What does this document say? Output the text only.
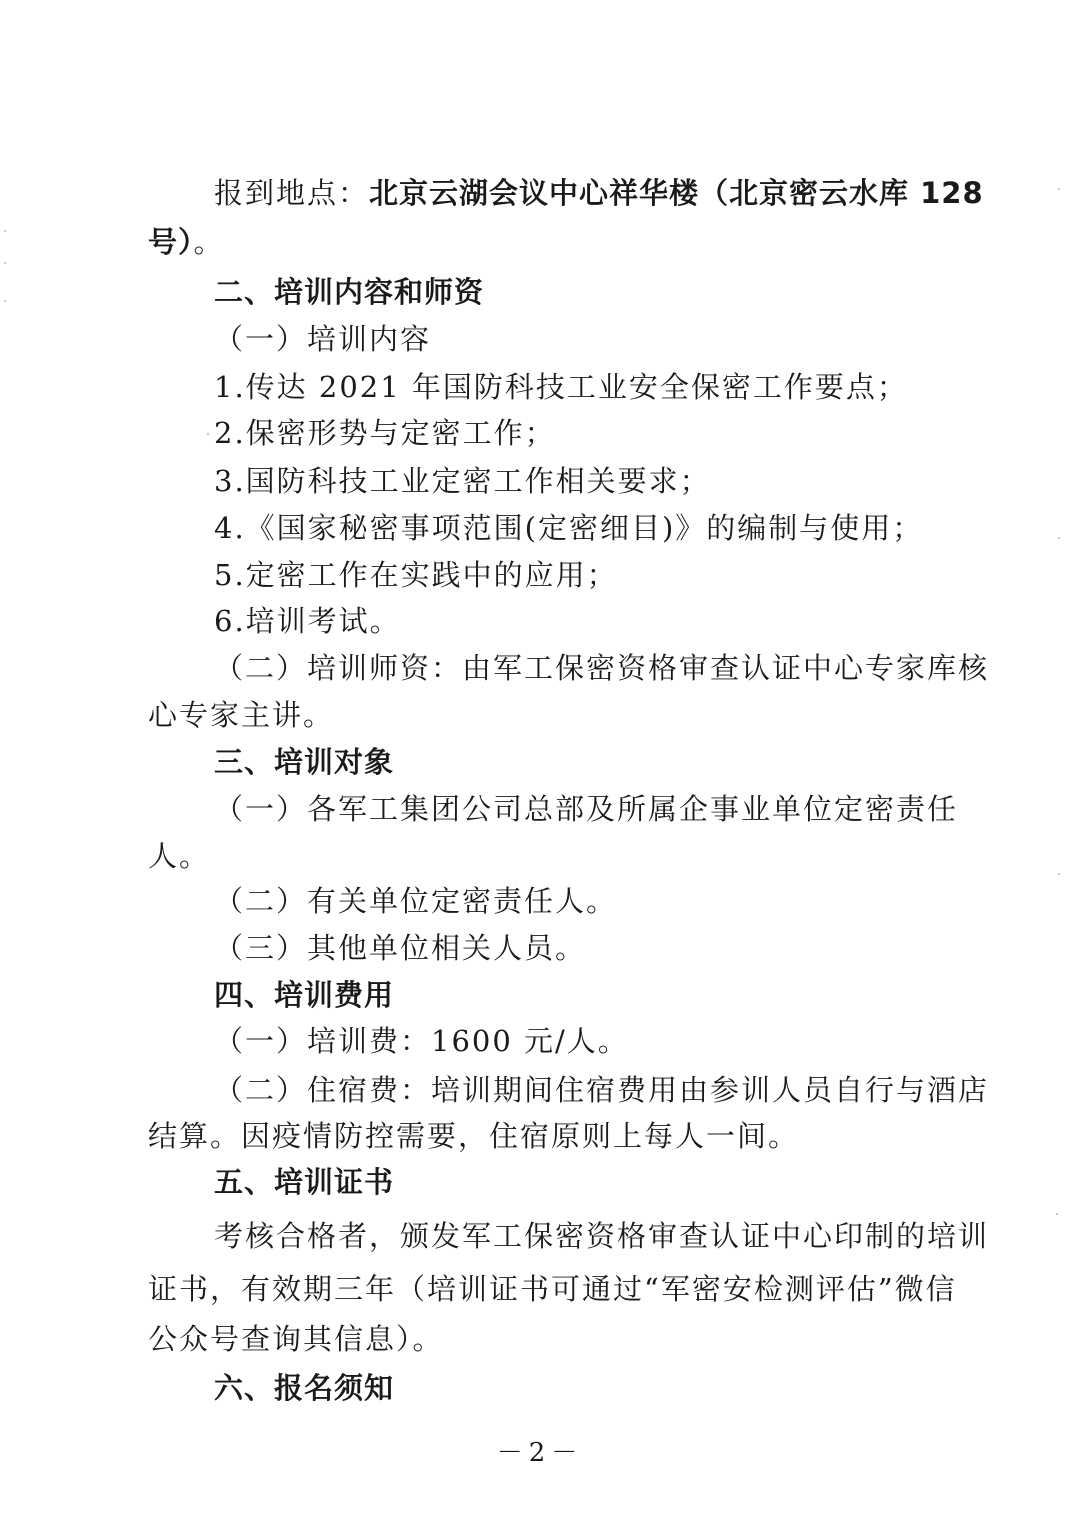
报到地点：北京云湖会议中心祥华楼（北京密云水库 128
号）。
二、培训内容和师资
（一）培训内容
1.传达 2021 年国防科技工业安全保密工作要点；
2.保密形势与定密工作；
3.国防科技工业定密工作相关要求；
4.《国家秘密事项范围(定密细目)》的编制与使用；
5.定密工作在实践中的应用；
6.培训考试。
（二）培训师资：由军工保密资格审查认证中心专家库核
心专家主讲。
三、培训对象
（一）各军工集团公司总部及所属企事业单位定密责任
人。
（二）有关单位定密责任人。
（三）其他单位相关人员。
四、培训费用
（一）培训费：1600 元/人。
（二）住宿费：培训期间住宿费用由参训人员自行与酒店
结算。因疫情防控需要，住宿原则上每人一间。
五、培训证书
考核合格者，颁发军工保密资格审查认证中心印制的培训
证书，有效期三年（培训证书可通过“军密安检测评估”微信
公众号查询其信息）。
六、报名须知
－2－
